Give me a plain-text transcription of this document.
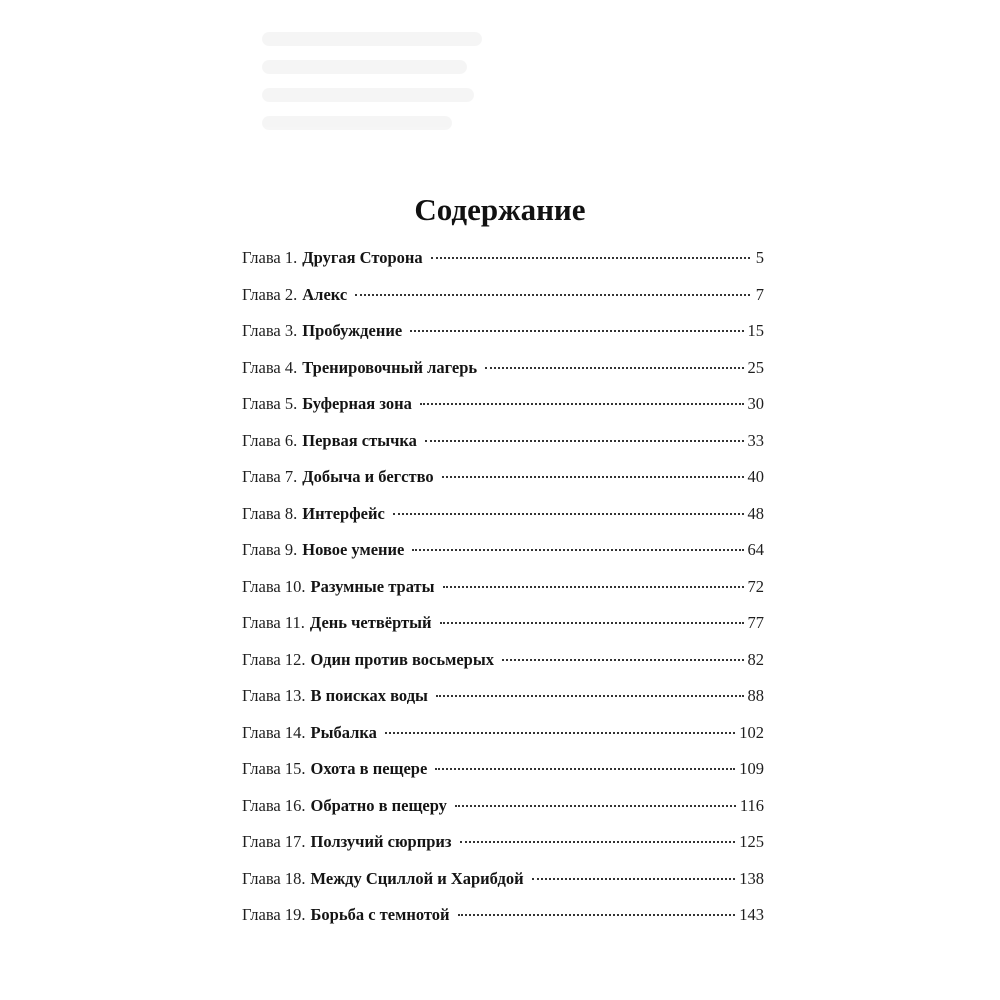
Содержание
Глава 1. Другая Сторона	5
Глава 2. Алекс	7
Глава 3. Пробуждение	15
Глава 4. Тренировочный лагерь	25
Глава 5. Буферная зона	30
Глава 6. Первая стычка	33
Глава 7. Добыча и бегство	40
Глава 8. Интерфейс	48
Глава 9. Новое умение	64
Глава 10. Разумные траты	72
Глава 11. День четвёртый	77
Глава 12. Один против восьмерых	82
Глава 13. В поисках воды	88
Глава 14. Рыбалка	102
Глава 15. Охота в пещере	109
Глава 16. Обратно в пещеру	116
Глава 17. Ползучий сюрприз	125
Глава 18. Между Сциллой и Харибдой	138
Глава 19. Борьба с темнотой	143
